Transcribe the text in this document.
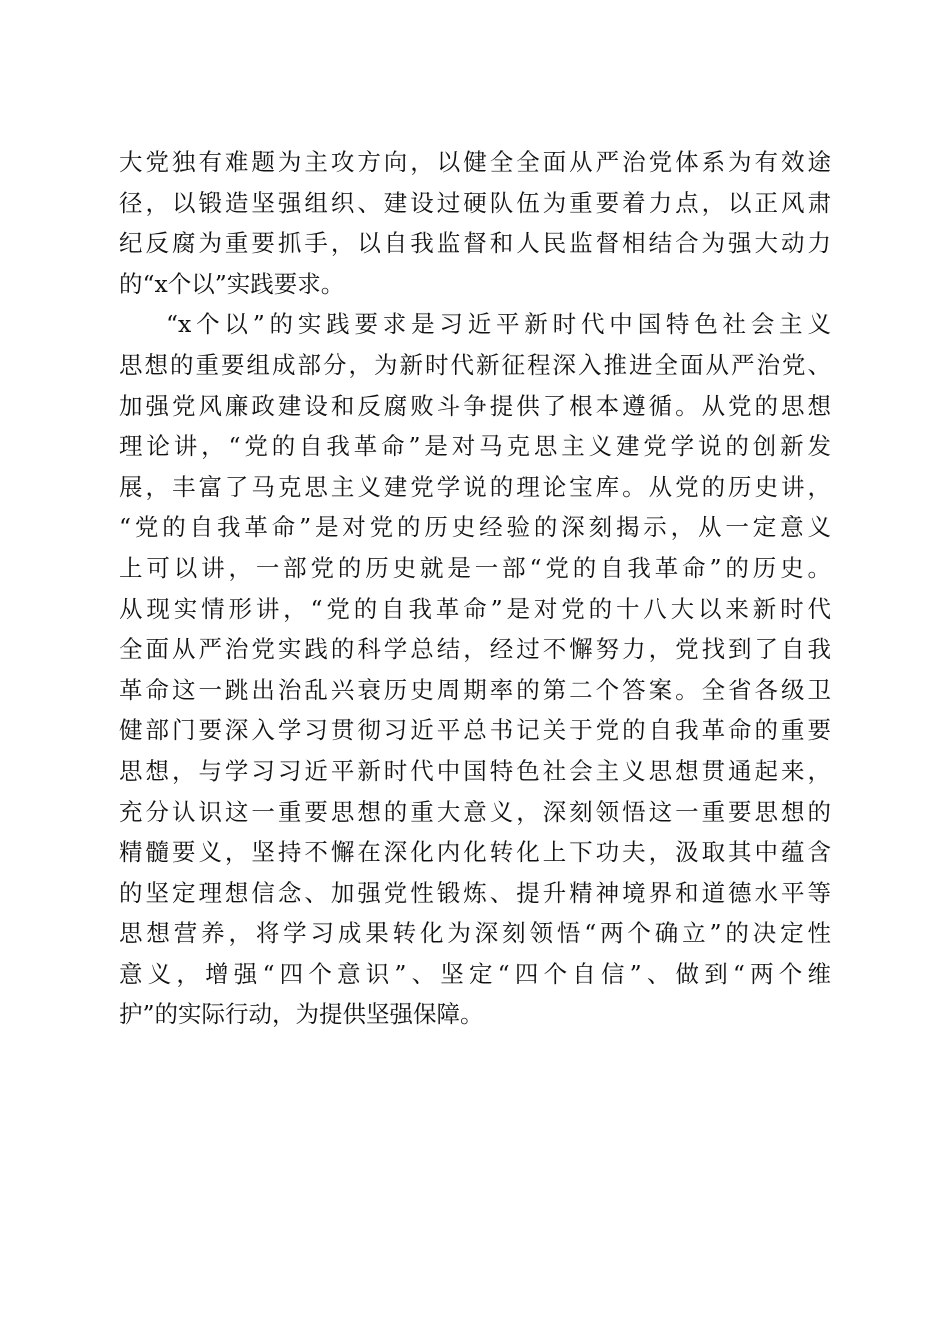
大党独有难题为主攻方向，以健全全面从严治党体系为有效途
径，以锻造坚强组织、建设过硬队伍为重要着力点，以正风肃
纪反腐为重要抓手，以自我监督和人民监督相结合为强大动力
的“x个以”实践要求。
“x个以”的实践要求是习近平新时代中国特色社会主义
思想的重要组成部分，为新时代新征程深入推进全面从严治党、
加强党风廉政建设和反腐败斗争提供了根本遵循。从党的思想
理论讲，“党的自我革命”是对马克思主义建党学说的创新发
展，丰富了马克思主义建党学说的理论宝库。从党的历史讲，
“党的自我革命”是对党的历史经验的深刻揭示，从一定意义
上可以讲，一部党的历史就是一部“党的自我革命”的历史。
从现实情形讲，“党的自我革命”是对党的十八大以来新时代
全面从严治党实践的科学总结，经过不懈努力，党找到了自我
革命这一跳出治乱兴衰历史周期率的第二个答案。全省各级卫
健部门要深入学习贯彻习近平总书记关于党的自我革命的重要
思想，与学习习近平新时代中国特色社会主义思想贯通起来，
充分认识这一重要思想的重大意义，深刻领悟这一重要思想的
精髓要义，坚持不懈在深化内化转化上下功夫，汲取其中蕴含
的坚定理想信念、加强党性锻炼、提升精神境界和道德水平等
思想营养，将学习成果转化为深刻领悟“两个确立”的决定性
意义，增强“四个意识”、坚定“四个自信”、做到“两个维
护”的实际行动，为提供坚强保障。
